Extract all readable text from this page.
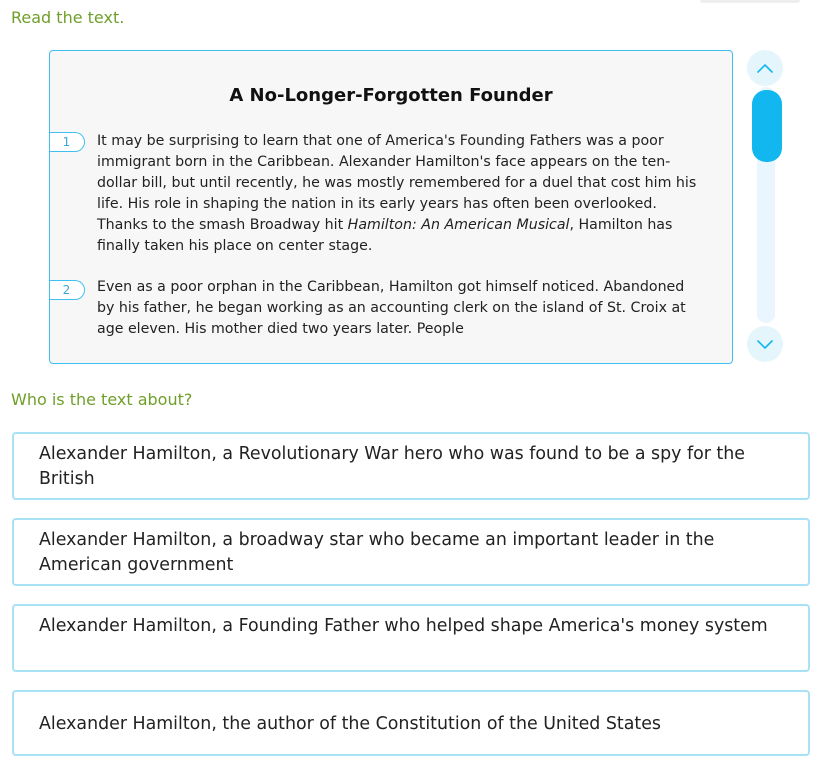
Read the text.
A No-Longer-Forgotten Founder
1	It may be surprising to learn that one of America's Founding Fathers was a poor immigrant born in the Caribbean. Alexander Hamilton's face appears on the ten-dollar bill, but until recently, he was mostly remembered for a duel that cost him his life. His role in shaping the nation in its early years has often been overlooked. Thanks to the smash Broadway hit Hamilton: An American Musical, Hamilton has finally taken his place on center stage.
2	Even as a poor orphan in the Caribbean, Hamilton got himself noticed. Abandoned by his father, he began working as an accounting clerk on the island of St. Croix at age eleven. His mother died two years later. People
Who is the text about?
Alexander Hamilton, a Revolutionary War hero who was found to be a spy for the British
Alexander Hamilton, a broadway star who became an important leader in the American government
Alexander Hamilton, a Founding Father who helped shape America's money system
Alexander Hamilton, the author of the Constitution of the United States
